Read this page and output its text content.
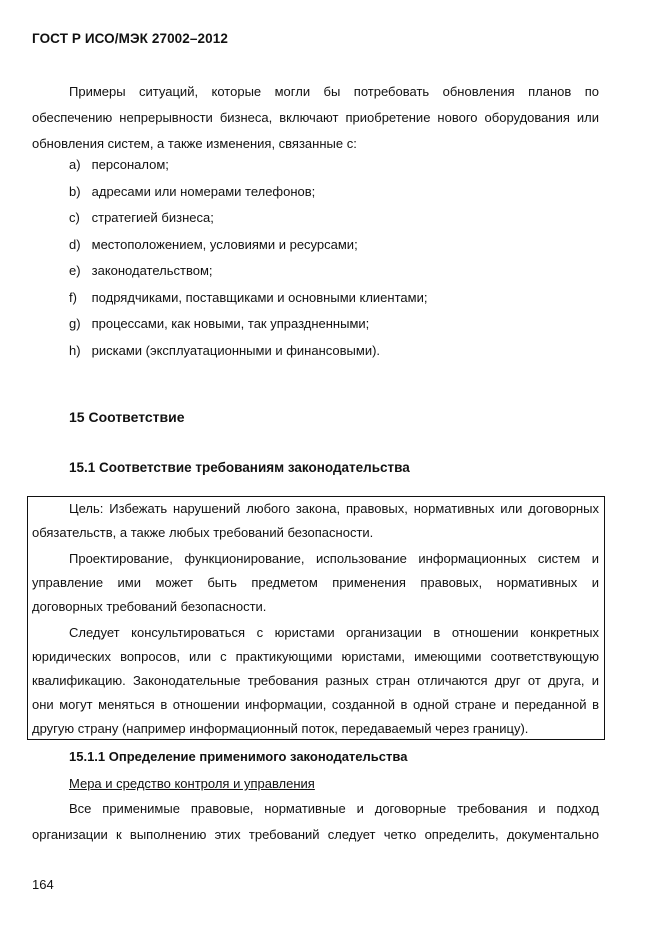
ГОСТ Р ИСО/МЭК 27002–2012

Примеры ситуаций, которые могли бы потребовать обновления планов по

обеспечению непрерывности бизнеса, включают приобретение нового оборудования или

обновления систем, а также изменения, связанные с:

a) персоналом;
b) адресами или номерами телефонов;
c) стратегией бизнеса;
d) местоположением, условиями и ресурсами;
e) законодательством;
f) подрядчиками, поставщиками и основными клиентами;
g) процессами, как новыми, так упраздненными;
h) рисками (эксплуатационными и финансовыми).
15 Соответствие
15.1 Соответствие требованиям законодательства

Цель: Избежать нарушений любого закона, правовых, нормативных или договорных

обязательств, а также любых требований безопасности.

Проектирование, функционирование, использование информационных систем и

управление ими может быть предметом применения правовых, нормативных и

договорных требований безопасности.

Следует консультироваться с юристами организации в отношении конкретных

юридических вопросов, или с практикующими юристами, имеющими соответствующую

квалификацию. Законодательные требования разных стран отличаются друг от друга, и

они могут меняться в отношении информации, созданной в одной стране и переданной в

другую страну (например информационный поток, передаваемый через границу).

15.1.1 Определение применимого законодательства
Мера и средство контроля и управления

Все применимые правовые, нормативные и договорные требования и подход

организации к выполнению этих требований следует четко определить, документально

164
